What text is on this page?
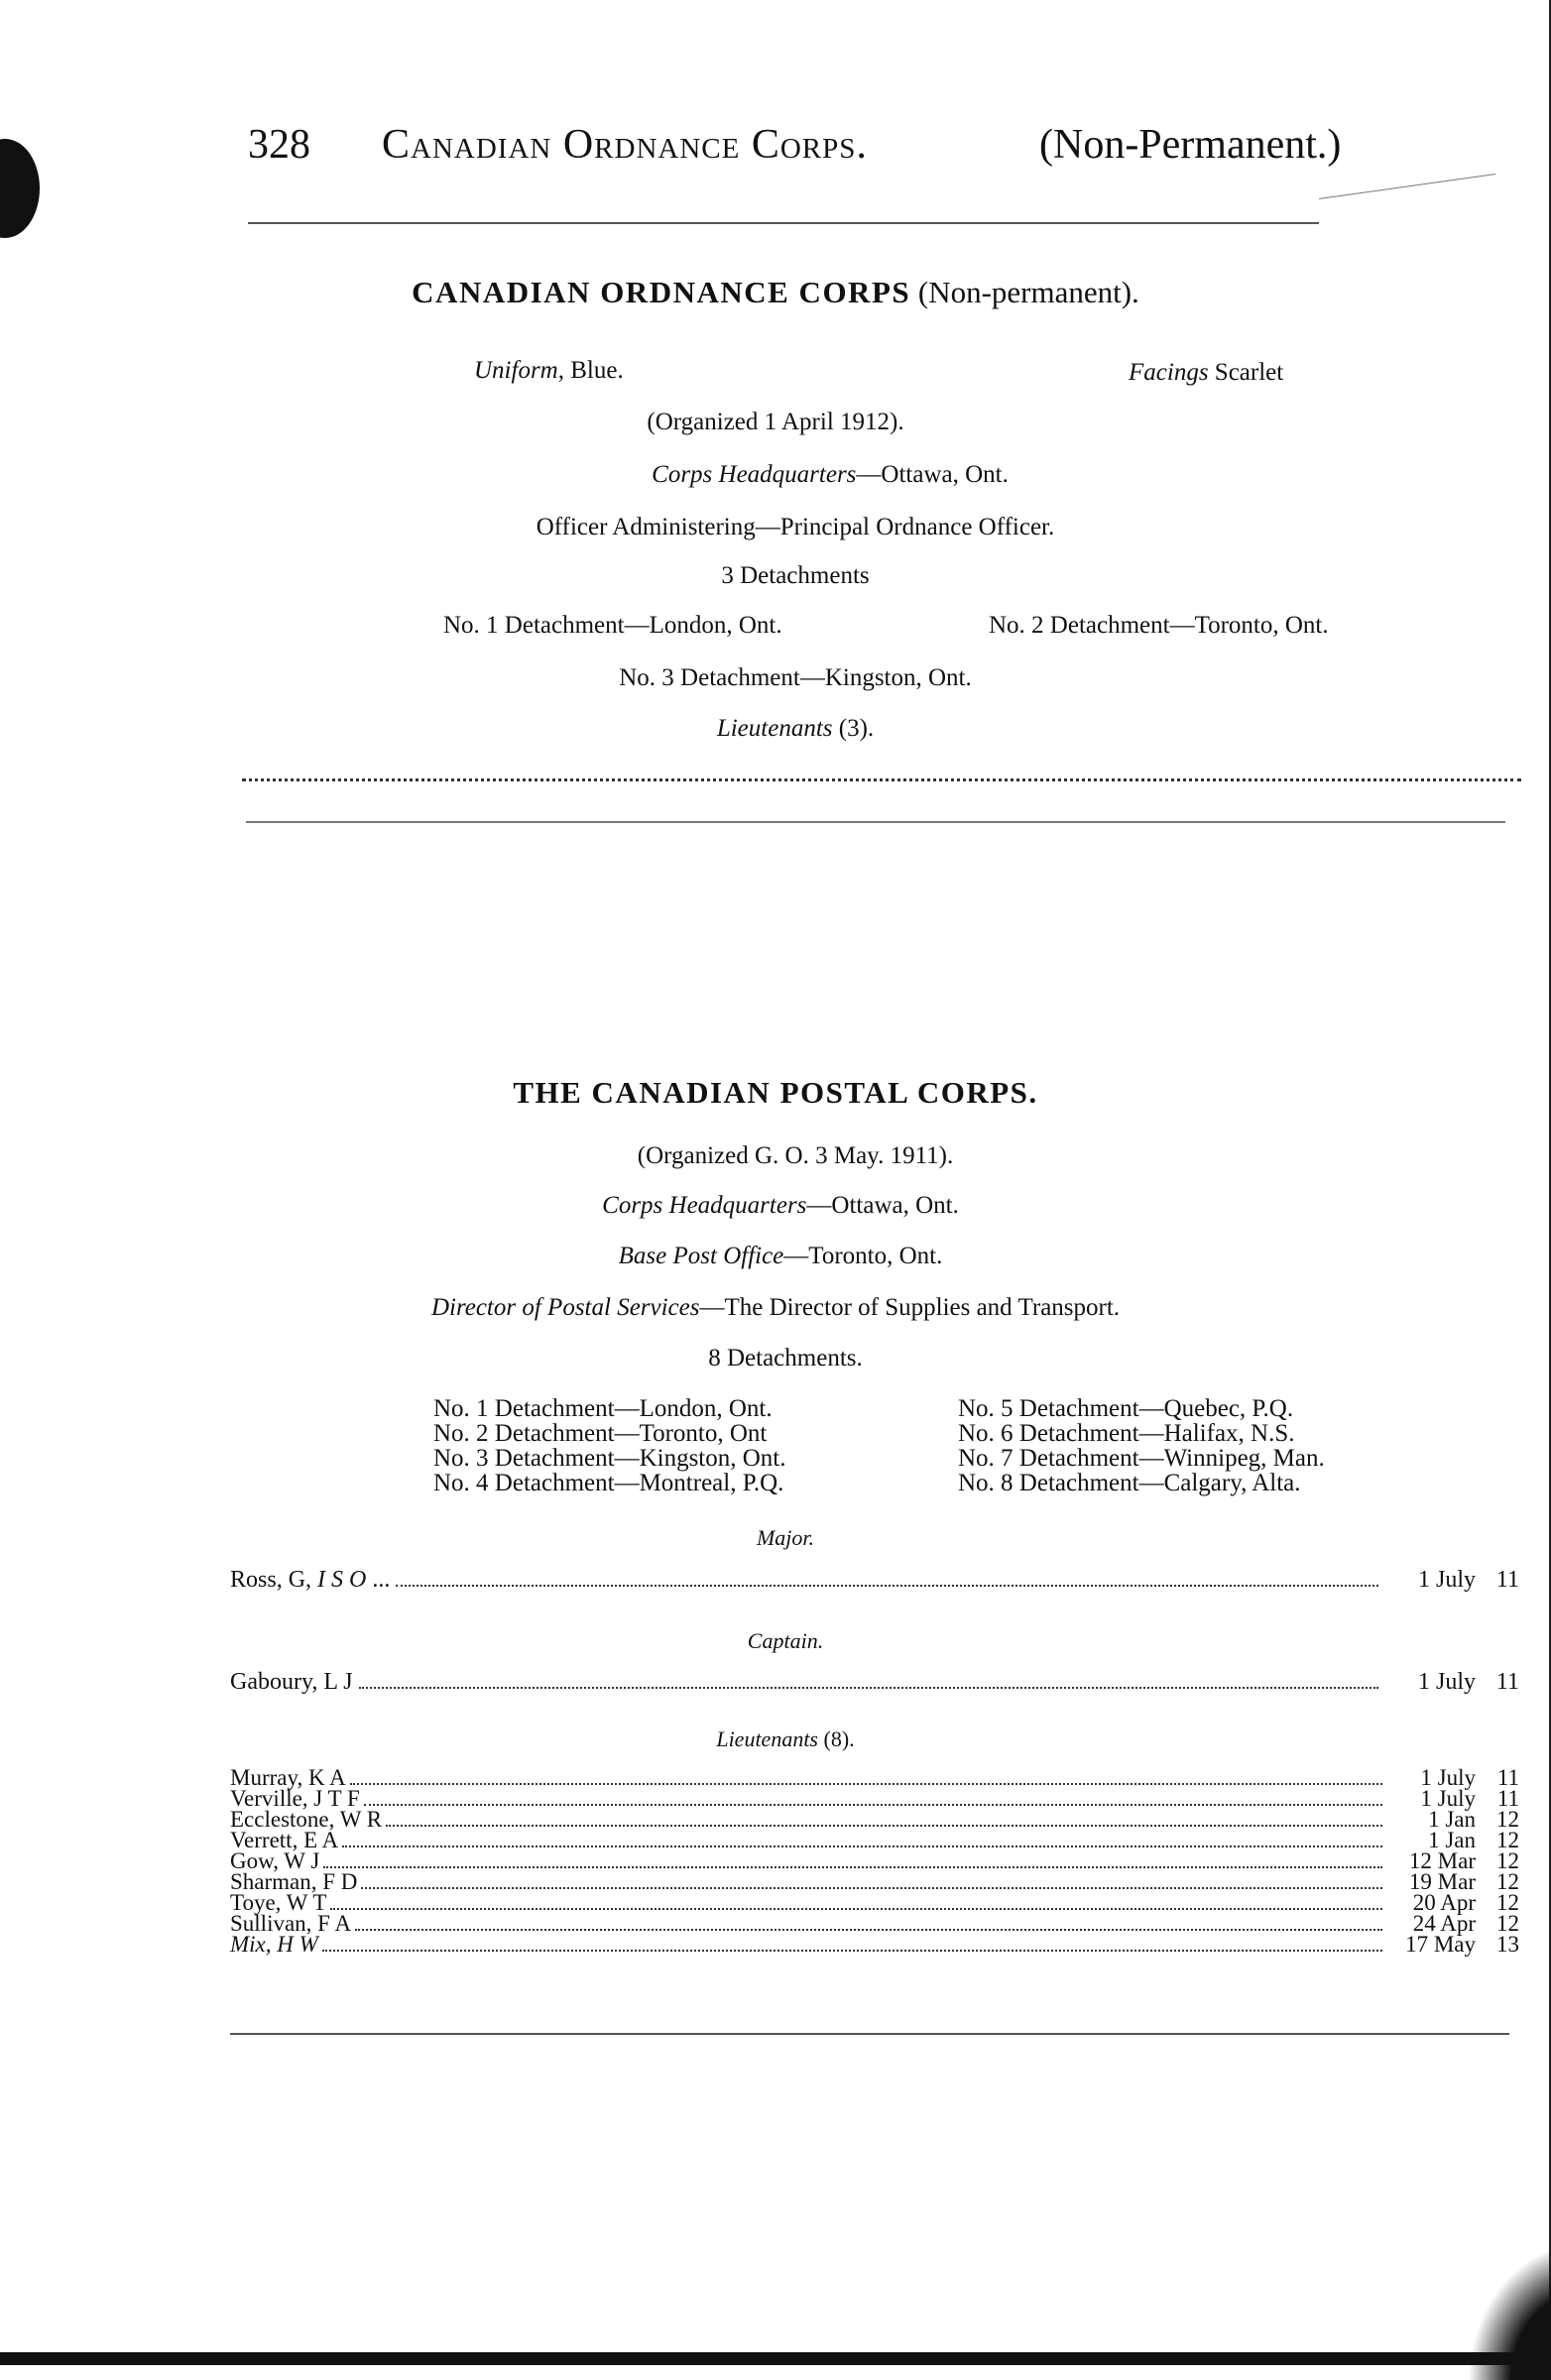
328 Canadian Ordnance Corps.	(Non-Permanent.)
CANADIAN ORDNANCE CORPS (Non-permanent).
Uniform, Blue.	Facings Scarlet
(Organized 1 April 1912).
Corps Headquarters—Ottawa, Ont.
Officer Administering—Principal Ordnance Officer.
3 Detachments
No. 1 Detachment—London, Ont.	No. 2 Detachment—Toronto, Ont.
No. 3 Detachment—Kingston, Ont.
Lieutenants (3).
THE CANADIAN POSTAL CORPS.
(Organized G. O. 3 May. 1911).
Corps Headquarters—Ottawa, Ont.
Base Post Office—Toronto, Ont.
Director of Postal Services—The Director of Supplies and Transport.
8 Detachments.
No. 1 Detachment—London, Ont.
No. 2 Detachment—Toronto, Ont
No. 3 Detachment—Kingston, Ont.
No. 4 Detachment—Montreal, P.Q.
No. 5 Detachment—Quebec, P.Q.
No. 6 Detachment—Halifax, N.S.
No. 7 Detachment—Winnipeg, Man.
No. 8 Detachment—Calgary, Alta.
Major.
Ross, G, I S O ...	1 July 11
Captain.
Gaboury, L J	1 July 11
Lieutenants (8).
Murray, K A	1 July 11
Verville, J T F	1 July 11
Ecclestone, W R	1 Jan 12
Verrett, E A	1 Jan 12
Gow, W J	12 Mar 12
Sharman, F D	19 Mar 12
Toye, W T	20 Apr 12
Sullivan, F A	24 Apr 12
Mix, H W	17 May 13
